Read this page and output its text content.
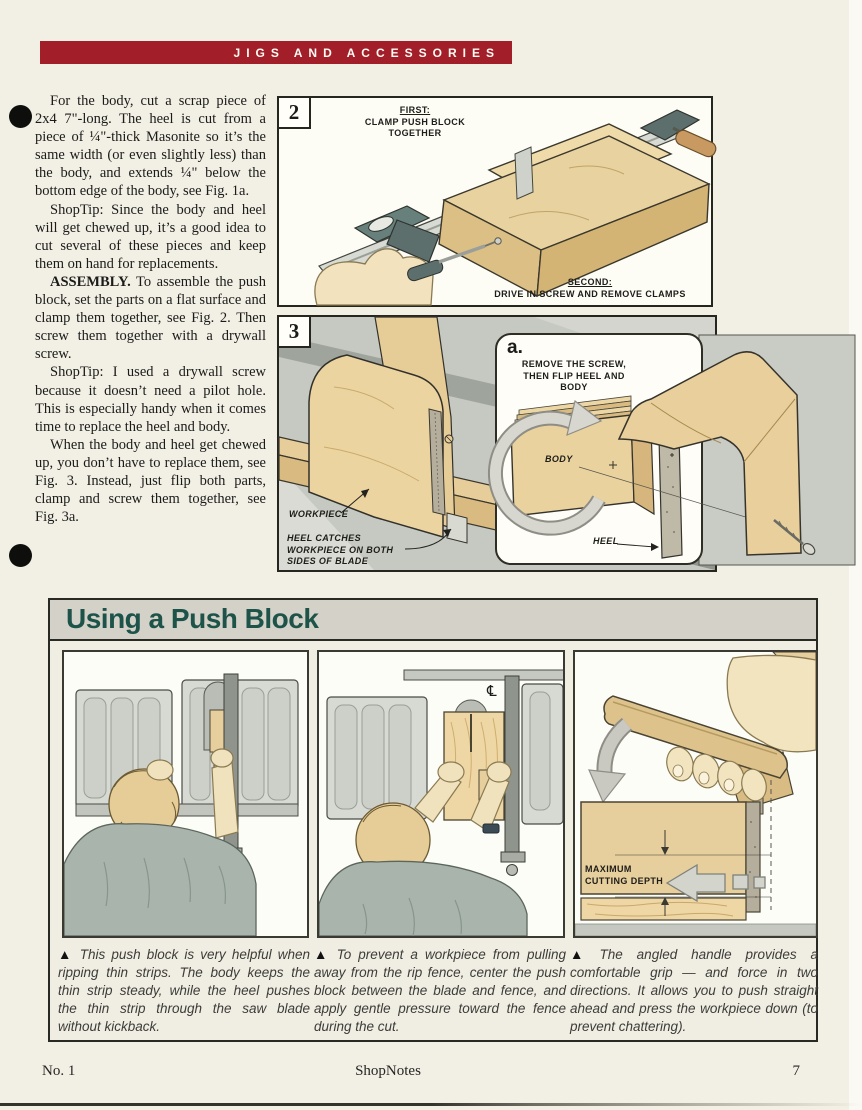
JIGS AND ACCESSORIES

For the body, cut a scrap piece of 2x4 7"-long. The heel is cut from a piece of ¼"-thick Masonite so it’s the same width (or even slightly less) than the body, and extends ¼" below the bottom edge of the body, see Fig. 1a.

ShopTip: Since the body and heel will get chewed up, it’s a good idea to cut several of these pieces and keep them on hand for replacements.

ASSEMBLY. To assemble the push block, set the parts on a flat surface and clamp them together, see Fig. 2. Then screw them together with a drywall screw.

ShopTip: I used a drywall screw because it doesn’t need a pilot hole. This is especially handy when it comes time to replace the heel and body.

When the body and heel get chewed up, you don’t have to replace them, see Fig. 3. Instead, just flip both parts, clamp and screw them together, see Fig. 3a.

2	FIRST:
CLAMP PUSH BLOCK TOGETHER
SECOND:
DRIVE IN SCREW AND REMOVE CLAMPS
3
WORKPIECE
HEEL CATCHES WORKPIECE ON BOTH SIDES OF BLADE
a.
REMOVE THE SCREW, THEN FLIP HEEL AND BODY
BODY
HEEL
Using a Push Block
℄
MAXIMUM CUTTING DEPTH
▲ This push block is very helpful when ripping thin strips. The body keeps the thin strip steady, while the heel pushes the thin strip through the saw blade without kickback.
▲ To prevent a workpiece from pulling away from the rip fence, center the push block between the blade and fence, and apply gentle pressure toward the fence during the cut.
▲ The angled handle provides a comfortable grip — and force in two directions. It allows you to push straight ahead and press the workpiece down (to prevent chattering).
No. 1	ShopNotes	7
